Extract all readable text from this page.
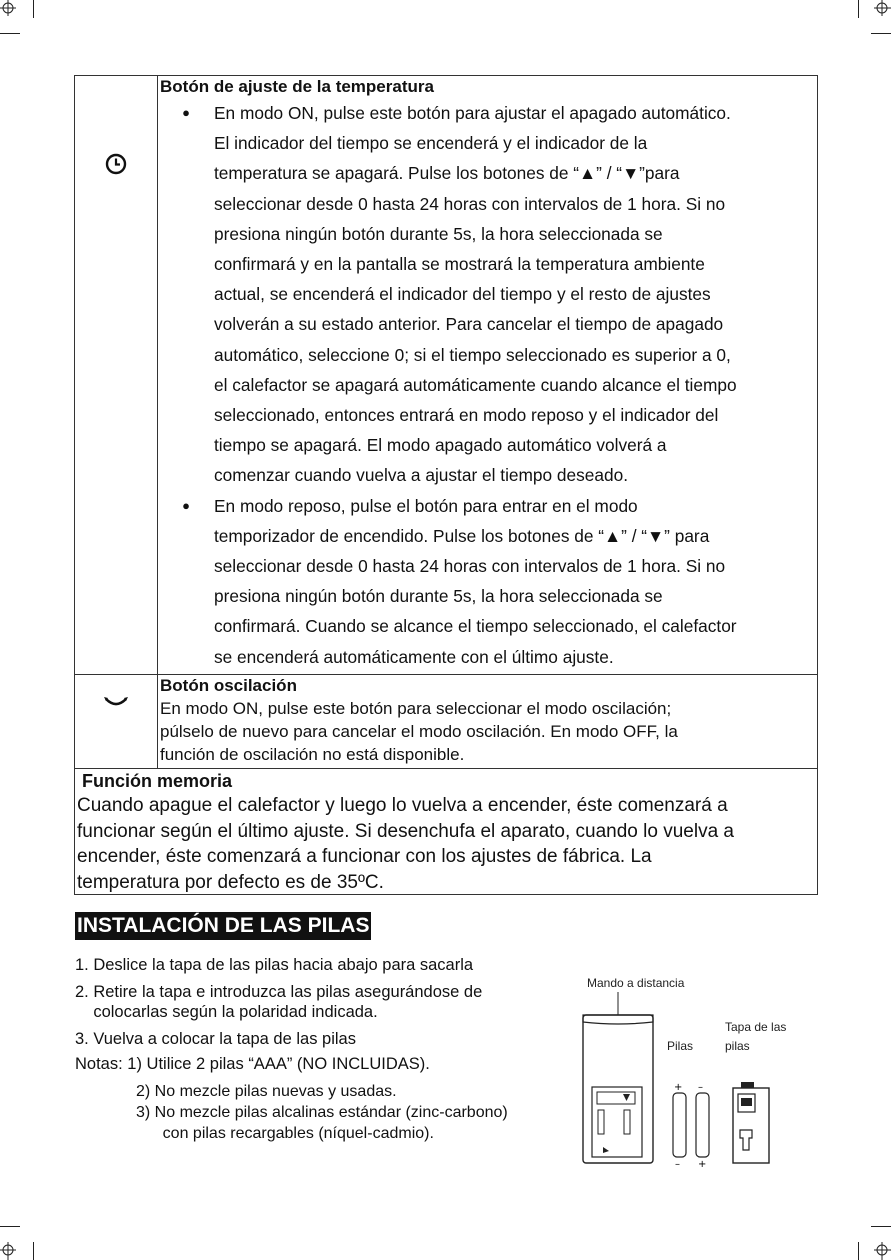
Botón de ajuste de la temperatura
●	En modo ON, pulse este botón para ajustar el apagado automático.
El indicador del tiempo se encenderá y el indicador de la
temperatura se apagará. Pulse los botones de “▲” / “▼”para
seleccionar desde 0 hasta 24 horas con intervalos de 1 hora. Si no
presiona ningún botón durante 5s, la hora seleccionada se
confirmará y en la pantalla se mostrará la temperatura ambiente
actual, se encenderá el indicador del tiempo y el resto de ajustes
volverán a su estado anterior. Para cancelar el tiempo de apagado
automático, seleccione 0; si el tiempo seleccionado es superior a 0,
el calefactor se apagará automáticamente cuando alcance el tiempo
seleccionado, entonces entrará en modo reposo y el indicador del
tiempo se apagará. El modo apagado automático volverá a
comenzar cuando vuelva a ajustar el tiempo deseado.
●	En modo reposo, pulse el botón para entrar en el modo
temporizador de encendido. Pulse los botones de “▲” / “▼” para
seleccionar desde 0 hasta 24 horas con intervalos de 1 hora. Si no
presiona ningún botón durante 5s, la hora seleccionada se
confirmará. Cuando se alcance el tiempo seleccionado, el calefactor
se encenderá automáticamente con el último ajuste.
Botón oscilación
En modo ON, pulse este botón para seleccionar el modo oscilación;
púlselo de nuevo para cancelar el modo oscilación. En modo OFF, la
función de oscilación no está disponible.
Función memoria
Cuando apague el calefactor y luego lo vuelva a encender, éste comenzará a
funcionar según el último ajuste. Si desenchufa el aparato, cuando lo vuelva a
encender, éste comenzará a funcionar con los ajustes de fábrica. La
temperatura por defecto es de 35ºC.
INSTALACIÓN DE LAS PILAS
1. Deslice la tapa de las pilas hacia abajo para sacarla
2. Retire la tapa e introduzca las pilas asegurándose de
colocarlas según la polaridad indicada.
3. Vuelva a colocar la tapa de las pilas
Notas: 1) Utilice 2 pilas “AAA” (NO INCLUIDAS).
2) No mezcle pilas nuevas y usadas.
3) No mezcle pilas alcalinas estándar (zinc-carbono)
con pilas recargables (níquel-cadmio).
Mando a distancia
Pilas
Tapa de las
pilas
+ –
– +
